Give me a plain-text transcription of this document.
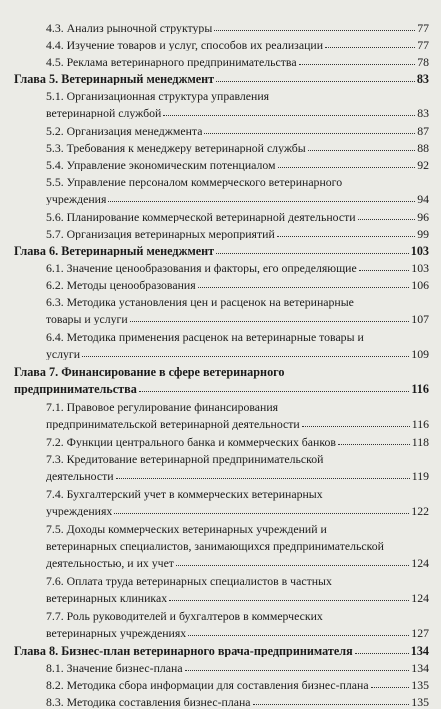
4.3. Анализ рыночной структуры	77
4.4. Изучение товаров и услуг, способов их реализации	77
4.5. Реклама ветеринарного предпринимательства	78
Глава 5. Ветеринарный менеджмент	83
5.1. Организационная структура управления
ветеринарной службой	83
5.2. Организация менеджмента	87
5.3. Требования к менеджеру ветеринарной службы	88
5.4. Управление экономическим потенциалом	92
5.5. Управление персоналом коммерческого ветеринарного
учреждения	94
5.6. Планирование коммерческой ветеринарной деятельности	96
5.7. Организация ветеринарных мероприятий	99
Глава 6. Ветеринарный менеджмент	103
6.1. Значение ценообразования и факторы, его определяющие	103
6.2. Методы ценообразования	106
6.3. Методика установления цен и расценок на ветеринарные
товары и услуги	107
6.4. Методика применения расценок на ветеринарные товары и
услуги	109
Глава 7. Финансирование в сфере ветеринарного
предпринимательства	116
7.1. Правовое регулирование финансирования
предпринимательской ветеринарной деятельности	116
7.2. Функции центрального банка и коммерческих банков	118
7.3. Кредитование ветеринарной предпринимательской
деятельности	119
7.4. Бухгалтерский учет в коммерческих ветеринарных
учреждениях	122
7.5. Доходы коммерческих ветеринарных учреждений и
ветеринарных специалистов, занимающихся предпринимательской
деятельностью, и их учет	124
7.6. Оплата труда ветеринарных специалистов в частных
ветеринарных клиниках	124
7.7. Роль руководителей и бухгалтеров в коммерческих
ветеринарных учреждениях	127
Глава 8. Бизнес-план ветеринарного врача-предпринимателя	134
8.1. Значение бизнес-плана	134
8.2. Методика сбора информации для составления бизнес-плана	135
8.3. Методика составления бизнес-плана	135
